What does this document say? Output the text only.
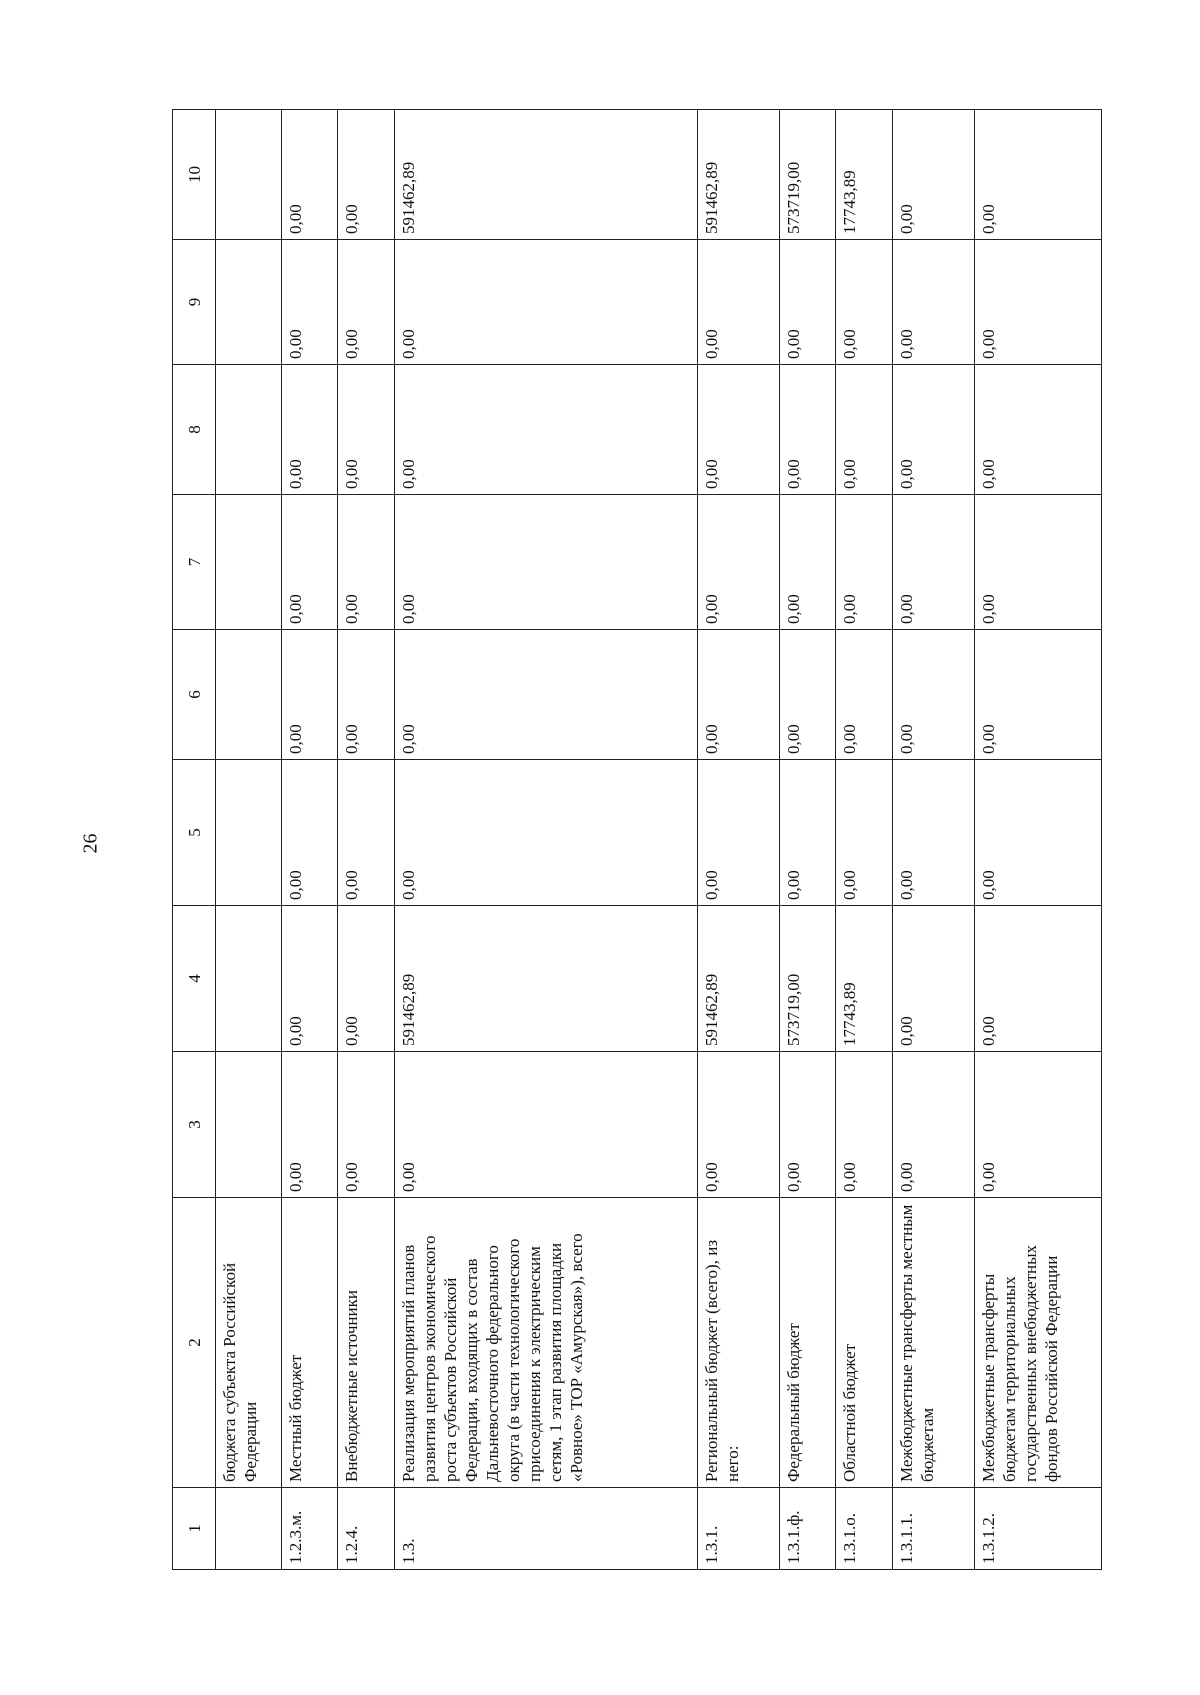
26
1	2	3	4	5	6	7	8	9	10
	бюджета субъекта Российской Федерации								
1.2.3.м.	Местный бюджет	0,00	0,00	0,00	0,00	0,00	0,00	0,00	0,00
1.2.4.	Внебюджетные источники	0,00	0,00	0,00	0,00	0,00	0,00	0,00	0,00
1.3.	Реализация мероприятий планов развития центров экономического роста субъектов Российской Федерации, входящих в состав Дальневосточного федерального округа (в части технологического присоединения к электрическим сетям, 1 этап развития площадки «Ровное» ТОР «Амурская»), всего	0,00	591462,89	0,00	0,00	0,00	0,00	0,00	591462,89
1.3.1.	Региональный бюджет (всего), из него:	0,00	591462,89	0,00	0,00	0,00	0,00	0,00	591462,89
1.3.1.ф.	Федеральный бюджет	0,00	573719,00	0,00	0,00	0,00	0,00	0,00	573719,00
1.3.1.о.	Областной бюджет	0,00	17743,89	0,00	0,00	0,00	0,00	0,00	17743,89
1.3.1.1.	Межбюджетные трансферты местным бюджетам	0,00	0,00	0,00	0,00	0,00	0,00	0,00	0,00
1.3.1.2.	Межбюджетные трансферты бюджетам территориальных государственных внебюджетных фондов Российской Федерации	0,00	0,00	0,00	0,00	0,00	0,00	0,00	0,00
